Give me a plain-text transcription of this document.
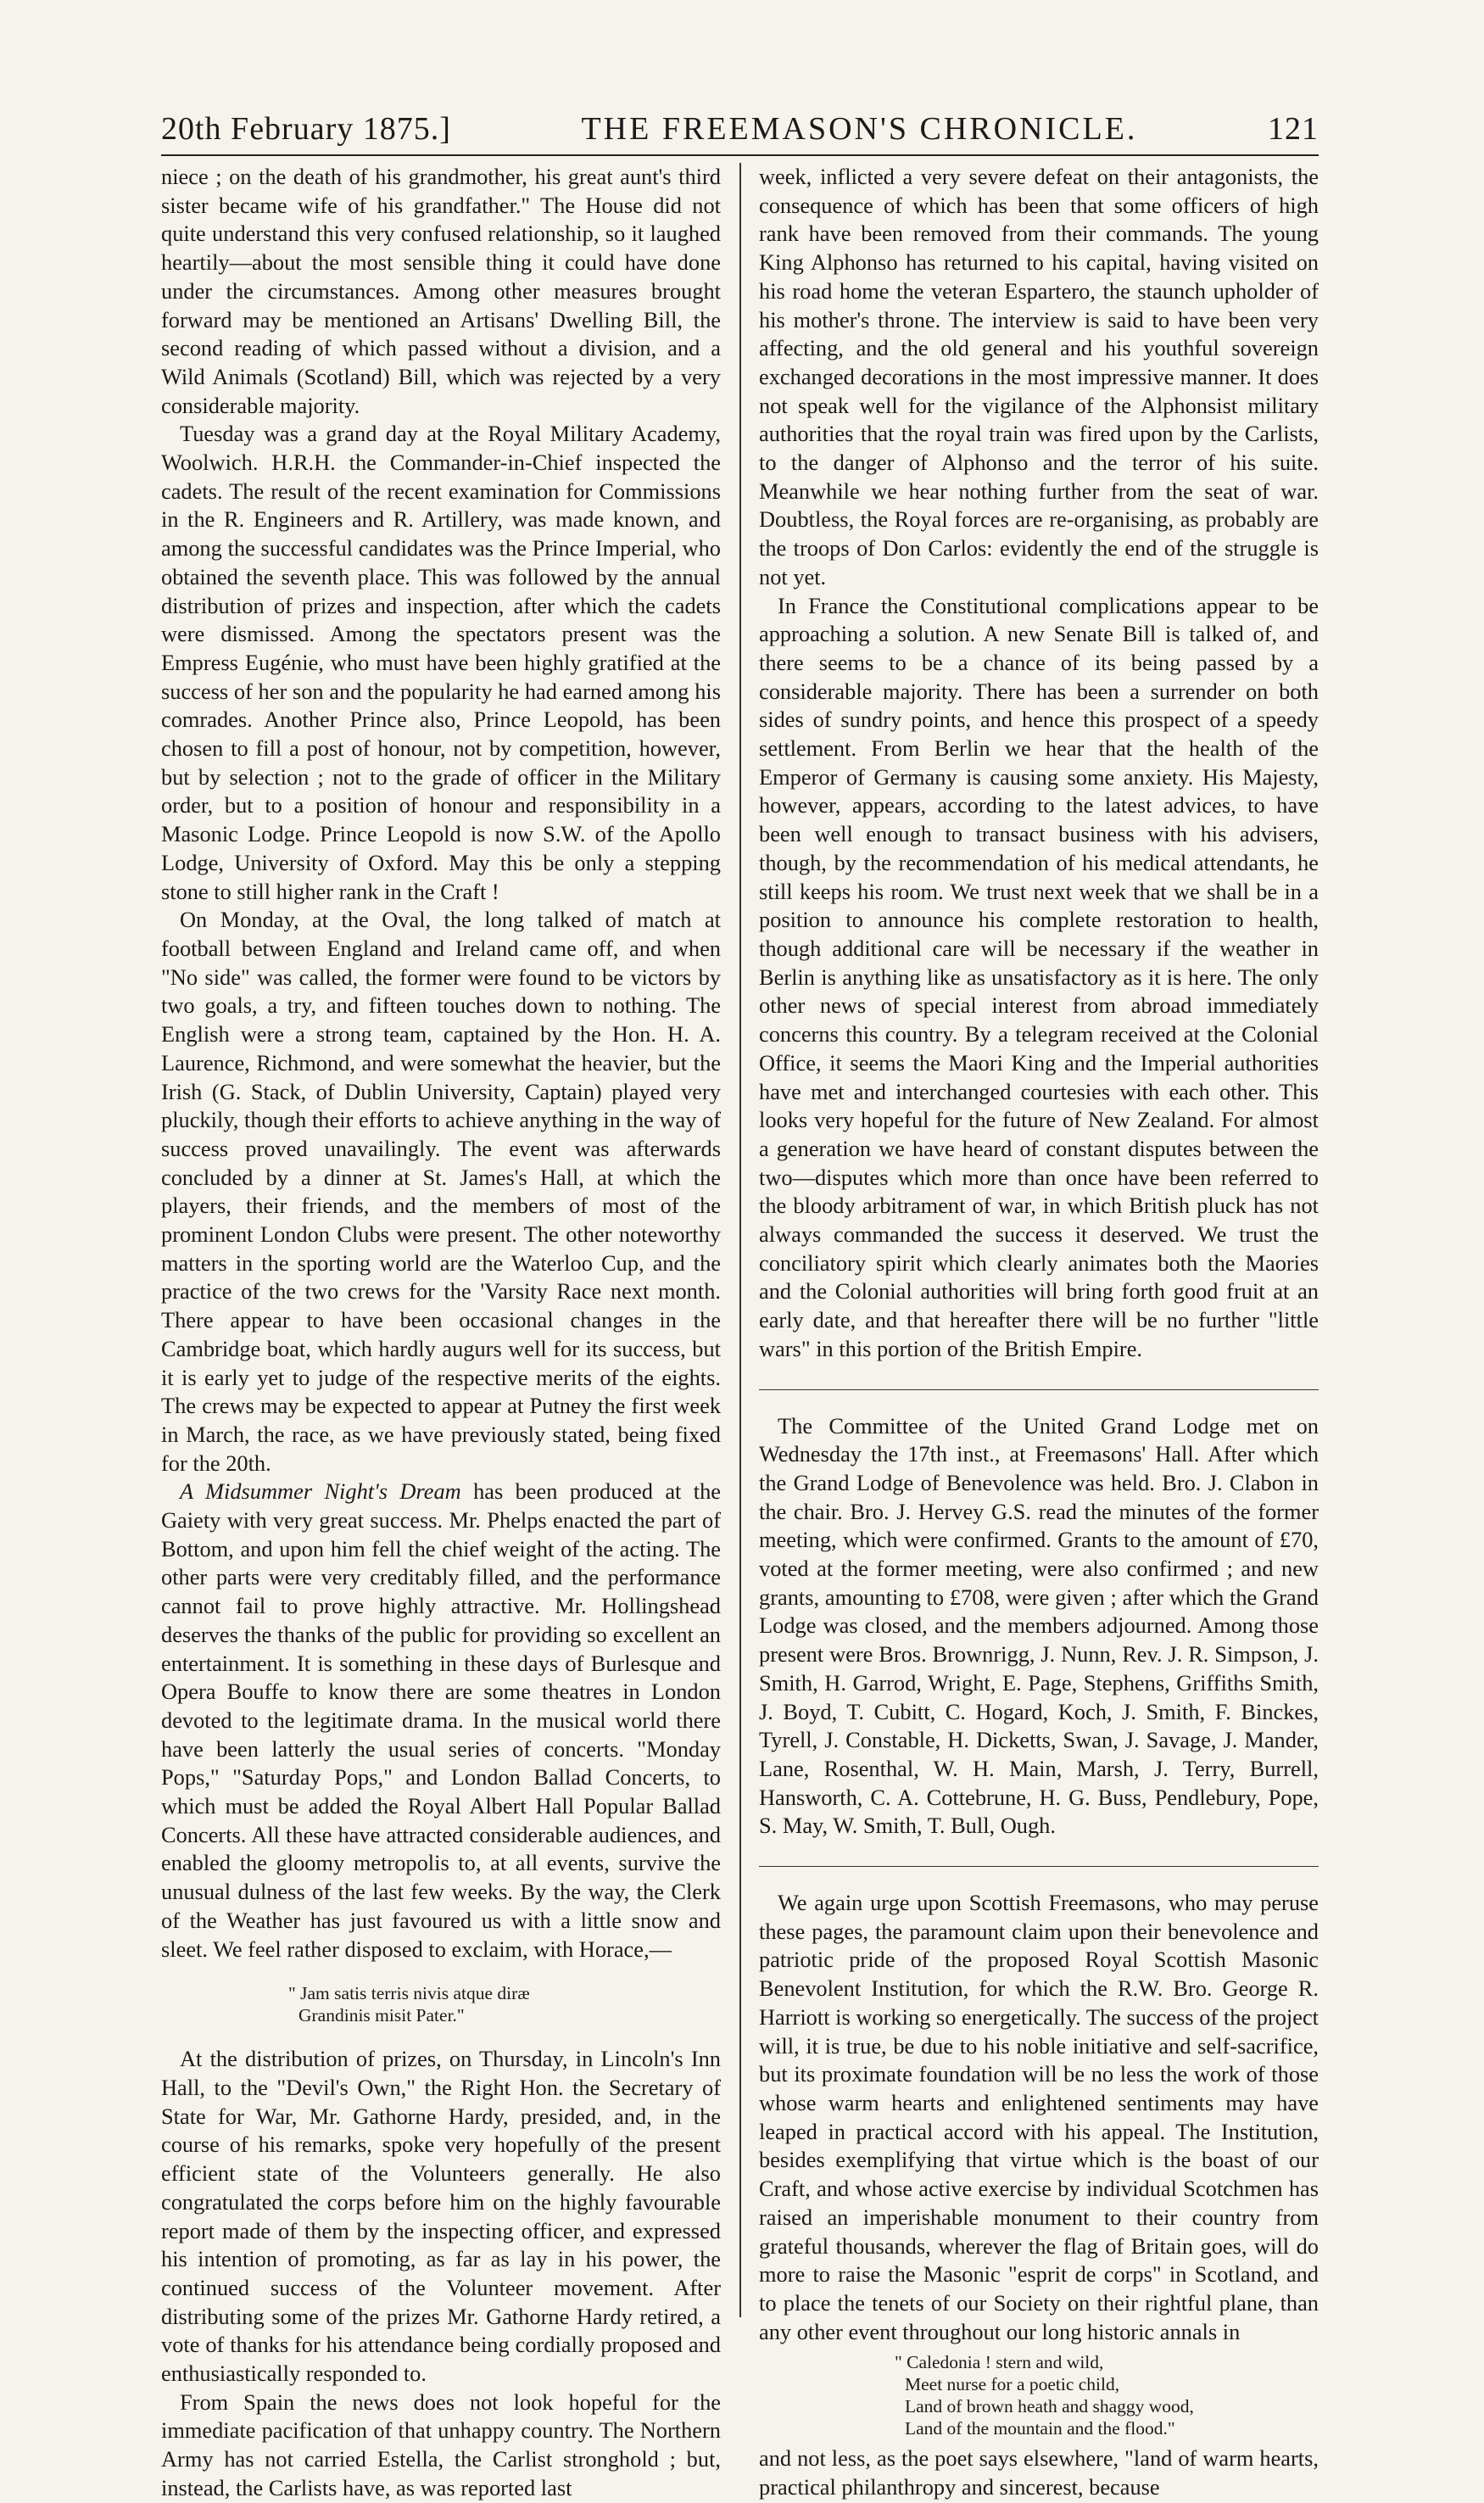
20th February 1875.]	THE FREEMASON'S CHRONICLE.	121

niece ; on the death of his grandmother, his great aunt's third sister became wife of his grandfather." The House did not quite understand this very confused relationship, so it laughed heartily—about the most sensible thing it could have done under the circumstances. Among other measures brought forward may be mentioned an Artisans' Dwelling Bill, the second reading of which passed without a division, and a Wild Animals (Scotland) Bill, which was rejected by a very considerable majority.

Tuesday was a grand day at the Royal Military Academy, Woolwich. H.R.H. the Commander-in-Chief inspected the cadets. The result of the recent examination for Commissions in the R. Engineers and R. Artillery, was made known, and among the successful candidates was the Prince Imperial, who obtained the seventh place. This was followed by the annual distribution of prizes and inspection, after which the cadets were dismissed. Among the spectators present was the Empress Eugénie, who must have been highly gratified at the success of her son and the popularity he had earned among his comrades. Another Prince also, Prince Leopold, has been chosen to fill a post of honour, not by competition, however, but by selection ; not to the grade of officer in the Military order, but to a position of honour and responsibility in a Masonic Lodge. Prince Leopold is now S.W. of the Apollo Lodge, University of Oxford. May this be only a stepping stone to still higher rank in the Craft !

On Monday, at the Oval, the long talked of match at football between England and Ireland came off, and when "No side" was called, the former were found to be victors by two goals, a try, and fifteen touches down to nothing. The English were a strong team, captained by the Hon. H. A. Laurence, Richmond, and were somewhat the heavier, but the Irish (G. Stack, of Dublin University, Captain) played very pluckily, though their efforts to achieve anything in the way of success proved unavailingly. The event was afterwards concluded by a dinner at St. James's Hall, at which the players, their friends, and the members of most of the prominent London Clubs were present. The other noteworthy matters in the sporting world are the Waterloo Cup, and the practice of the two crews for the 'Varsity Race next month. There appear to have been occasional changes in the Cambridge boat, which hardly augurs well for its success, but it is early yet to judge of the respective merits of the eights. The crews may be expected to appear at Putney the first week in March, the race, as we have previously stated, being fixed for the 20th.

A Midsummer Night's Dream has been produced at the Gaiety with very great success. Mr. Phelps enacted the part of Bottom, and upon him fell the chief weight of the acting. The other parts were very creditably filled, and the performance cannot fail to prove highly attractive. Mr. Hollingshead deserves the thanks of the public for providing so excellent an entertainment. It is something in these days of Burlesque and Opera Bouffe to know there are some theatres in London devoted to the legitimate drama. In the musical world there have been latterly the usual series of concerts. "Monday Pops," "Saturday Pops," and London Ballad Concerts, to which must be added the Royal Albert Hall Popular Ballad Concerts. All these have attracted considerable audiences, and enabled the gloomy metropolis to, at all events, survive the unusual dulness of the last few weeks. By the way, the Clerk of the Weather has just favoured us with a little snow and sleet. We feel rather disposed to exclaim, with Horace,—

" Jam satis terris nivis atque diræ
Grandinis misit Pater."

At the distribution of prizes, on Thursday, in Lincoln's Inn Hall, to the "Devil's Own," the Right Hon. the Secretary of State for War, Mr. Gathorne Hardy, presided, and, in the course of his remarks, spoke very hopefully of the present efficient state of the Volunteers generally. He also congratulated the corps before him on the highly favourable report made of them by the inspecting officer, and expressed his intention of promoting, as far as lay in his power, the continued success of the Volunteer movement. After distributing some of the prizes Mr. Gathorne Hardy retired, a vote of thanks for his attendance being cordially proposed and enthusiastically responded to.

From Spain the news does not look hopeful for the immediate pacification of that unhappy country. The Northern Army has not carried Estella, the Carlist stronghold ; but, instead, the Carlists have, as was reported last

week, inflicted a very severe defeat on their antagonists, the consequence of which has been that some officers of high rank have been removed from their commands. The young King Alphonso has returned to his capital, having visited on his road home the veteran Espartero, the staunch upholder of his mother's throne. The interview is said to have been very affecting, and the old general and his youthful sovereign exchanged decorations in the most impressive manner. It does not speak well for the vigilance of the Alphonsist military authorities that the royal train was fired upon by the Carlists, to the danger of Alphonso and the terror of his suite. Meanwhile we hear nothing further from the seat of war. Doubtless, the Royal forces are re-organising, as probably are the troops of Don Carlos: evidently the end of the struggle is not yet.

In France the Constitutional complications appear to be approaching a solution. A new Senate Bill is talked of, and there seems to be a chance of its being passed by a considerable majority. There has been a surrender on both sides of sundry points, and hence this prospect of a speedy settlement. From Berlin we hear that the health of the Emperor of Germany is causing some anxiety. His Majesty, however, appears, according to the latest advices, to have been well enough to transact business with his advisers, though, by the recommendation of his medical attendants, he still keeps his room. We trust next week that we shall be in a position to announce his complete restoration to health, though additional care will be necessary if the weather in Berlin is anything like as unsatisfactory as it is here. The only other news of special interest from abroad immediately concerns this country. By a telegram received at the Colonial Office, it seems the Maori King and the Imperial authorities have met and interchanged courtesies with each other. This looks very hopeful for the future of New Zealand. For almost a generation we have heard of constant disputes between the two—disputes which more than once have been referred to the bloody arbitrament of war, in which British pluck has not always commanded the success it deserved. We trust the conciliatory spirit which clearly animates both the Maories and the Colonial authorities will bring forth good fruit at an early date, and that hereafter there will be no further "little wars" in this portion of the British Empire.

The Committee of the United Grand Lodge met on Wednesday the 17th inst., at Freemasons' Hall. After which the Grand Lodge of Benevolence was held. Bro. J. Clabon in the chair. Bro. J. Hervey G.S. read the minutes of the former meeting, which were confirmed. Grants to the amount of £70, voted at the former meeting, were also confirmed ; and new grants, amounting to £708, were given ; after which the Grand Lodge was closed, and the members adjourned. Among those present were Bros. Brownrigg, J. Nunn, Rev. J. R. Simpson, J. Smith, H. Garrod, Wright, E. Page, Stephens, Griffiths Smith, J. Boyd, T. Cubitt, C. Hogard, Koch, J. Smith, F. Binckes, Tyrell, J. Constable, H. Dicketts, Swan, J. Savage, J. Mander, Lane, Rosenthal, W. H. Main, Marsh, J. Terry, Burrell, Hansworth, C. A. Cottebrune, H. G. Buss, Pendlebury, Pope, S. May, W. Smith, T. Bull, Ough.

We again urge upon Scottish Freemasons, who may peruse these pages, the paramount claim upon their benevolence and patriotic pride of the proposed Royal Scottish Masonic Benevolent Institution, for which the R.W. Bro. George R. Harriott is working so energetically. The success of the project will, it is true, be due to his noble initiative and self-sacrifice, but its proximate foundation will be no less the work of those whose warm hearts and enlightened sentiments may have leaped in practical accord with his appeal. The Institution, besides exemplifying that virtue which is the boast of our Craft, and whose active exercise by individual Scotchmen has raised an imperishable monument to their country from grateful thousands, wherever the flag of Britain goes, will do more to raise the Masonic "esprit de corps" in Scotland, and to place the tenets of our Society on their rightful plane, than any other event throughout our long historic annals in

" Caledonia ! stern and wild,
Meet nurse for a poetic child,
Land of brown heath and shaggy wood,
Land of the mountain and the flood."

and not less, as the poet says elsewhere, "land of warm hearts, practical philanthropy and sincerest, because
